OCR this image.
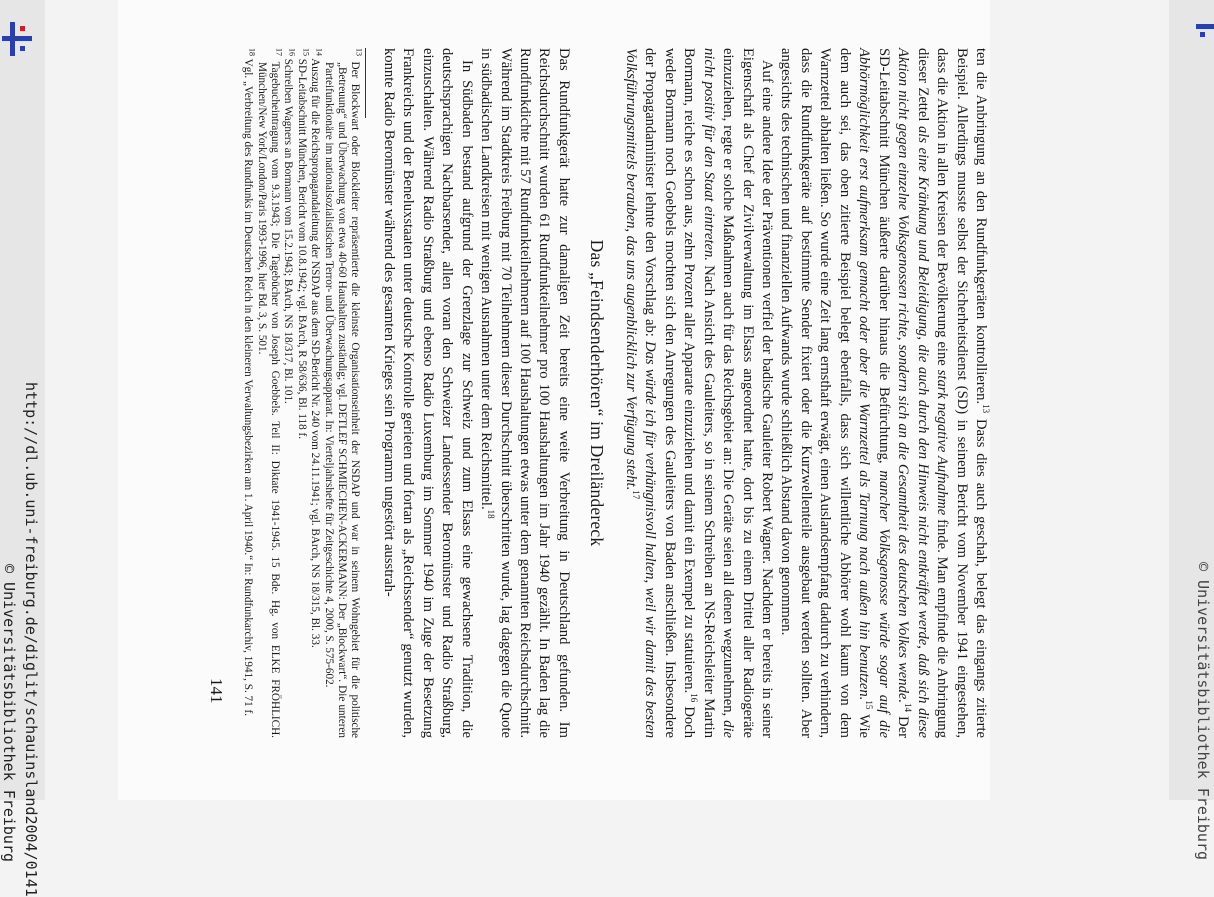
http://dl.ub.uni-freiburg.de/diglit/schauinsland2004/0141
© Universitätsbibliothek Freiburg	© Universitätsbibliothek Freiburg

ten die Anbringung an den Rundfunkgeräten kontrollieren.$^{13}$ Dass dies auch geschah, belegt das eingangs zitierte Beispiel. Allerdings musste selbst der Sicherheitsdienst (SD) in seinem Bericht vom November 1941 eingestehen, dass die Aktion in allen Kreisen der Bevölkerung eine stark negative Aufnahme finde. Man empfinde die Anbringung dieser Zettel als eine Kränkung und Beleidigung, die auch durch den Hinweis nicht entkräftet werde, daß sich diese Aktion nicht gegen einzelne Volksgenossen richte, sondern sich an die Gesamtheit des deutschen Volkes wende.$^{14}$ Der SD-Leitabschnitt München äußerte darüber hinaus die Befürchtung, mancher Volksgenosse würde sogar auf die Abhörmöglichkeit erst aufmerksam gemacht oder aber die Warnzettel als Tarnung nach außen hin benutzen.$^{15}$ Wie dem auch sei, das oben zitierte Beispiel belegt ebenfalls, dass sich willentliche Abhörer wohl kaum von dem Warnzettel abhalten ließen. So wurde eine Zeit lang ernsthaft erwägt, einen Auslandsempfang dadurch zu verhindern, dass die Rundfunkgeräte auf bestimmte Sender fixiert oder die Kurzwellenteile ausgebaut werden sollten. Aber angesichts des technischen und finanziellen Aufwands wurde schließlich Abstand davon genommen.

Auf eine andere Idee der Präventionen verfiel der badische Gauleiter Robert Wagner. Nachdem er bereits in seiner Eigenschaft als Chef der Zivilverwaltung im Elsass angeordnet hatte, dort bis zu einem Drittel aller Radiogeräte einzuziehen, regte er solche Maßnahmen auch für das Reichsgebiet an: Die Geräte seien all denen wegzunehmen, die nicht positiv für den Staat eintreten. Nach Ansicht des Gauleiters, so in seinem Schreiben an NS-Reichsleiter Martin Bormann, reiche es schon aus, zehn Prozent aller Apparate einzuziehen und damit ein Exempel zu statuieren.$^{16}$ Doch weder Bormann noch Goebbels mochten sich den Anregungen des Gauleiters von Baden anschließen. Insbesondere der Propagandaminister lehnte den Vorschlag ab: Das würde ich für verhängnisvoll halten, weil wir damit des besten Volksführungsmittels berauben, das uns augenblicklich zur Verfügung steht.$^{17}$

Das „Feindsenderhören“ im Dreiländereck

Das Rundfunkgerät hatte zur damaligen Zeit bereits eine weite Verbreitung in Deutschland gefunden. Im Reichsdurchschnitt wurden 61 Rundfunkteilnehmer pro 100 Haushaltungen im Jahr 1940 gezählt. In Baden lag die Rundfunkdichte mit 57 Rundfunkteilnehmern auf 100 Haushaltungen etwas unter dem genannten Reichsdurchschnitt. Während im Stadtkreis Freiburg mit 70 Teilnehmern dieser Durchschnitt überschritten wurde, lag dagegen die Quote in südbadischen Landkreisen mit wenigen Ausnahmen unter dem Reichsmittel.$^{18}$

In Südbaden bestand aufgrund der Grenzlage zur Schweiz und zum Elsass eine gewachsene Tradition, die deutschsprachigen Nachbarsender, allen voran den Schweizer Landessender Beromünster und Radio Straßburg, einzuschalten. Während Radio Straßburg und ebenso Radio Luxemburg im Sommer 1940 im Zuge der Besetzung Frankreichs und der Beneluxstaaten unter deutsche Kontrolle gerieten und fortan als „Reichssender“ genutzt wurden, konnte Radio Beromünster während des gesamten Krieges sein Programm ungestört ausstrah-

$^{13}$ Der Blockwart oder Blockleiter repräsentierte die kleinste Organisationseinheit der NSDAP und war in seinem Wohngebiet für die politische „Betreuung“ und Überwachung von etwa 40-60 Haushalten zuständig; vgl. DETLEF SCHMIECHEN-ACKERMANN: Der „Blockwart“. Die unteren Parteifunktionäre im nationalsozialistischen Terror- und Überwachungsapparat. In: Vierteljahrshefte für Zeitgeschichte 4, 2000, S. 575-602.
$^{14}$ Auszug für die Reichspropagandaleitung der NSDAP aus dem SD-Bericht Nr. 240 vom 24.11.1941; vgl. BArch, NS 18/315, Bl. 33.
$^{15}$ SD-Leitabschnitt München, Bericht vom 10.8.1942; vgl. BArch, R 58/636, Bl. 118 f.
$^{16}$ Schreiben Wagners an Bormann vom 15.2.1943; BArch, NS 18/317, Bl. 101.
$^{17}$ Tagebucheintragung vom 9.3.1943; Die Tagebücher von Joseph Goebbels. Teil II: Diktate 1941-1945. 15 Bde. Hg. von ELKE FRÖHLICH. München/New York/London/Paris 1993-1996, hier Bd. 3, S. 501.
$^{18}$ Vgl. „Verbreitung des Rundfunks im Deutschen Reich in den kleineren Verwaltungsbezirken am 1. April 1940.“ In: Rundfunkarchiv, 1941, S. 71 f.
141
